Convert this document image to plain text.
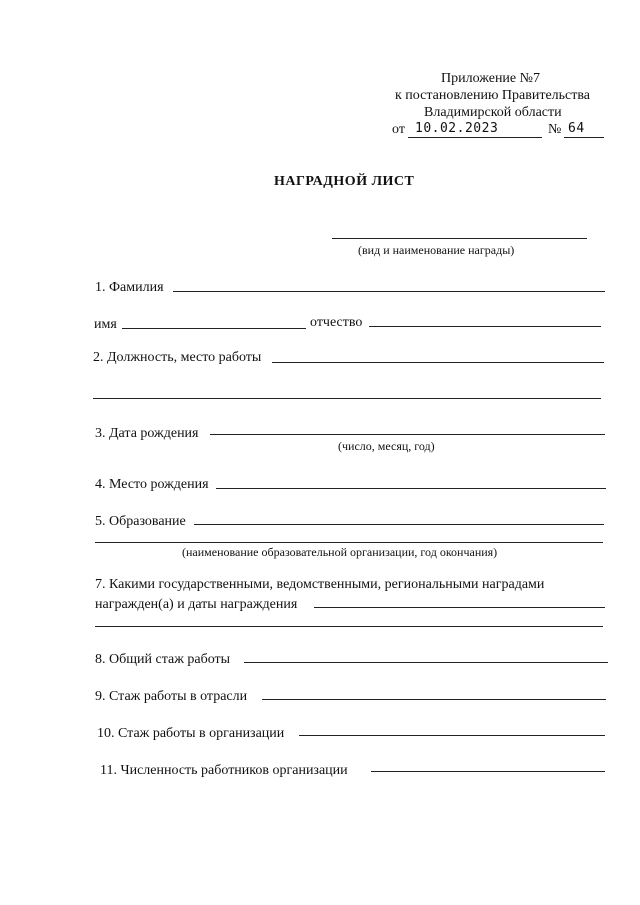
Приложение №7
к постановлению Правительства
Владимирской области
от 10.02.2023	№ 64
НАГРАДНОЙ ЛИСТ
(вид и наименование награды)
1. Фамилия
имя	отчество
2. Должность, место работы
3. Дата рождения
(число, месяц, год)
4. Место рождения
5. Образование
(наименование образовательной организации, год окончания)
7. Какими государственными, ведомственными, региональными наградами
награжден(а) и даты награждения
8. Общий стаж работы
9. Стаж работы в отрасли
10. Стаж работы в организации
11. Численность работников организации
